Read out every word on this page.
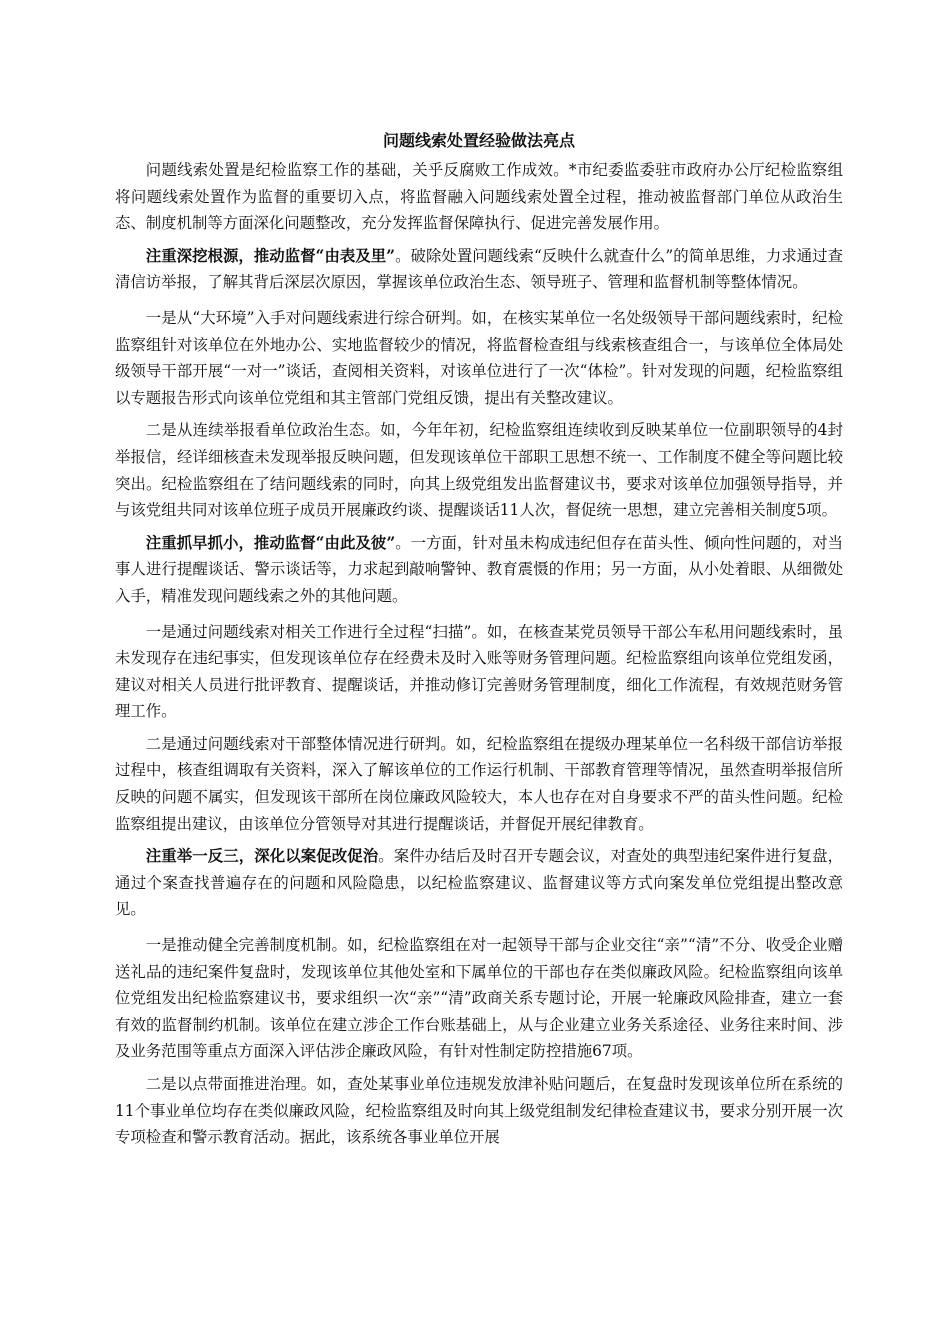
问题线索处置经验做法亮点

问题线索处置是纪检监察工作的基础，关乎反腐败工作成效。*市纪委监委驻市政府办公厅纪检监察组将问题线索处置作为监督的重要切入点，将监督融入问题线索处置全过程，推动被监督部门单位从政治生态、制度机制等方面深化问题整改，充分发挥监督保障执行、促进完善发展作用。

注重深挖根源，推动监督“由表及里”。破除处置问题线索“反映什么就查什么”的简单思维，力求通过查清信访举报，了解其背后深层次原因，掌握该单位政治生态、领导班子、管理和监督机制等整体情况。

一是从“大环境”入手对问题线索进行综合研判。如，在核实某单位一名处级领导干部问题线索时，纪检监察组针对该单位在外地办公、实地监督较少的情况，将监督检查组与线索核查组合一，与该单位全体局处级领导干部开展“一对一”谈话，查阅相关资料，对该单位进行了一次“体检”。针对发现的问题，纪检监察组以专题报告形式向该单位党组和其主管部门党组反馈，提出有关整改建议。

二是从连续举报看单位政治生态。如，今年年初，纪检监察组连续收到反映某单位一位副职领导的4封举报信，经详细核查未发现举报反映问题，但发现该单位干部职工思想不统一、工作制度不健全等问题比较突出。纪检监察组在了结问题线索的同时，向其上级党组发出监督建议书，要求对该单位加强领导指导，并与该党组共同对该单位班子成员开展廉政约谈、提醒谈话11人次，督促统一思想，建立完善相关制度5项。

注重抓早抓小，推动监督“由此及彼”。一方面，针对虽未构成违纪但存在苗头性、倾向性问题的，对当事人进行提醒谈话、警示谈话等，力求起到敲响警钟、教育震慑的作用；另一方面，从小处着眼、从细微处入手，精准发现问题线索之外的其他问题。

一是通过问题线索对相关工作进行全过程“扫描”。如，在核查某党员领导干部公车私用问题线索时，虽未发现存在违纪事实，但发现该单位存在经费未及时入账等财务管理问题。纪检监察组向该单位党组发函，建议对相关人员进行批评教育、提醒谈话，并推动修订完善财务管理制度，细化工作流程，有效规范财务管理工作。

二是通过问题线索对干部整体情况进行研判。如，纪检监察组在提级办理某单位一名科级干部信访举报过程中，核查组调取有关资料，深入了解该单位的工作运行机制、干部教育管理等情况，虽然查明举报信所反映的问题不属实，但发现该干部所在岗位廉政风险较大，本人也存在对自身要求不严的苗头性问题。纪检监察组提出建议，由该单位分管领导对其进行提醒谈话，并督促开展纪律教育。

注重举一反三，深化以案促改促治。案件办结后及时召开专题会议，对查处的典型违纪案件进行复盘，通过个案查找普遍存在的问题和风险隐患，以纪检监察建议、监督建议等方式向案发单位党组提出整改意见。

一是推动健全完善制度机制。如，纪检监察组在对一起领导干部与企业交往“亲”“清”不分、收受企业赠送礼品的违纪案件复盘时，发现该单位其他处室和下属单位的干部也存在类似廉政风险。纪检监察组向该单位党组发出纪检监察建议书，要求组织一次“亲”“清”政商关系专题讨论，开展一轮廉政风险排查，建立一套有效的监督制约机制。该单位在建立涉企工作台账基础上，从与企业建立业务关系途径、业务往来时间、涉及业务范围等重点方面深入评估涉企廉政风险，有针对性制定防控措施67项。

二是以点带面推进治理。如，查处某事业单位违规发放津补贴问题后，在复盘时发现该单位所在系统的11个事业单位均存在类似廉政风险，纪检监察组及时向其上级党组制发纪律检查建议书，要求分别开展一次专项检查和警示教育活动。据此，该系统各事业单位开展
